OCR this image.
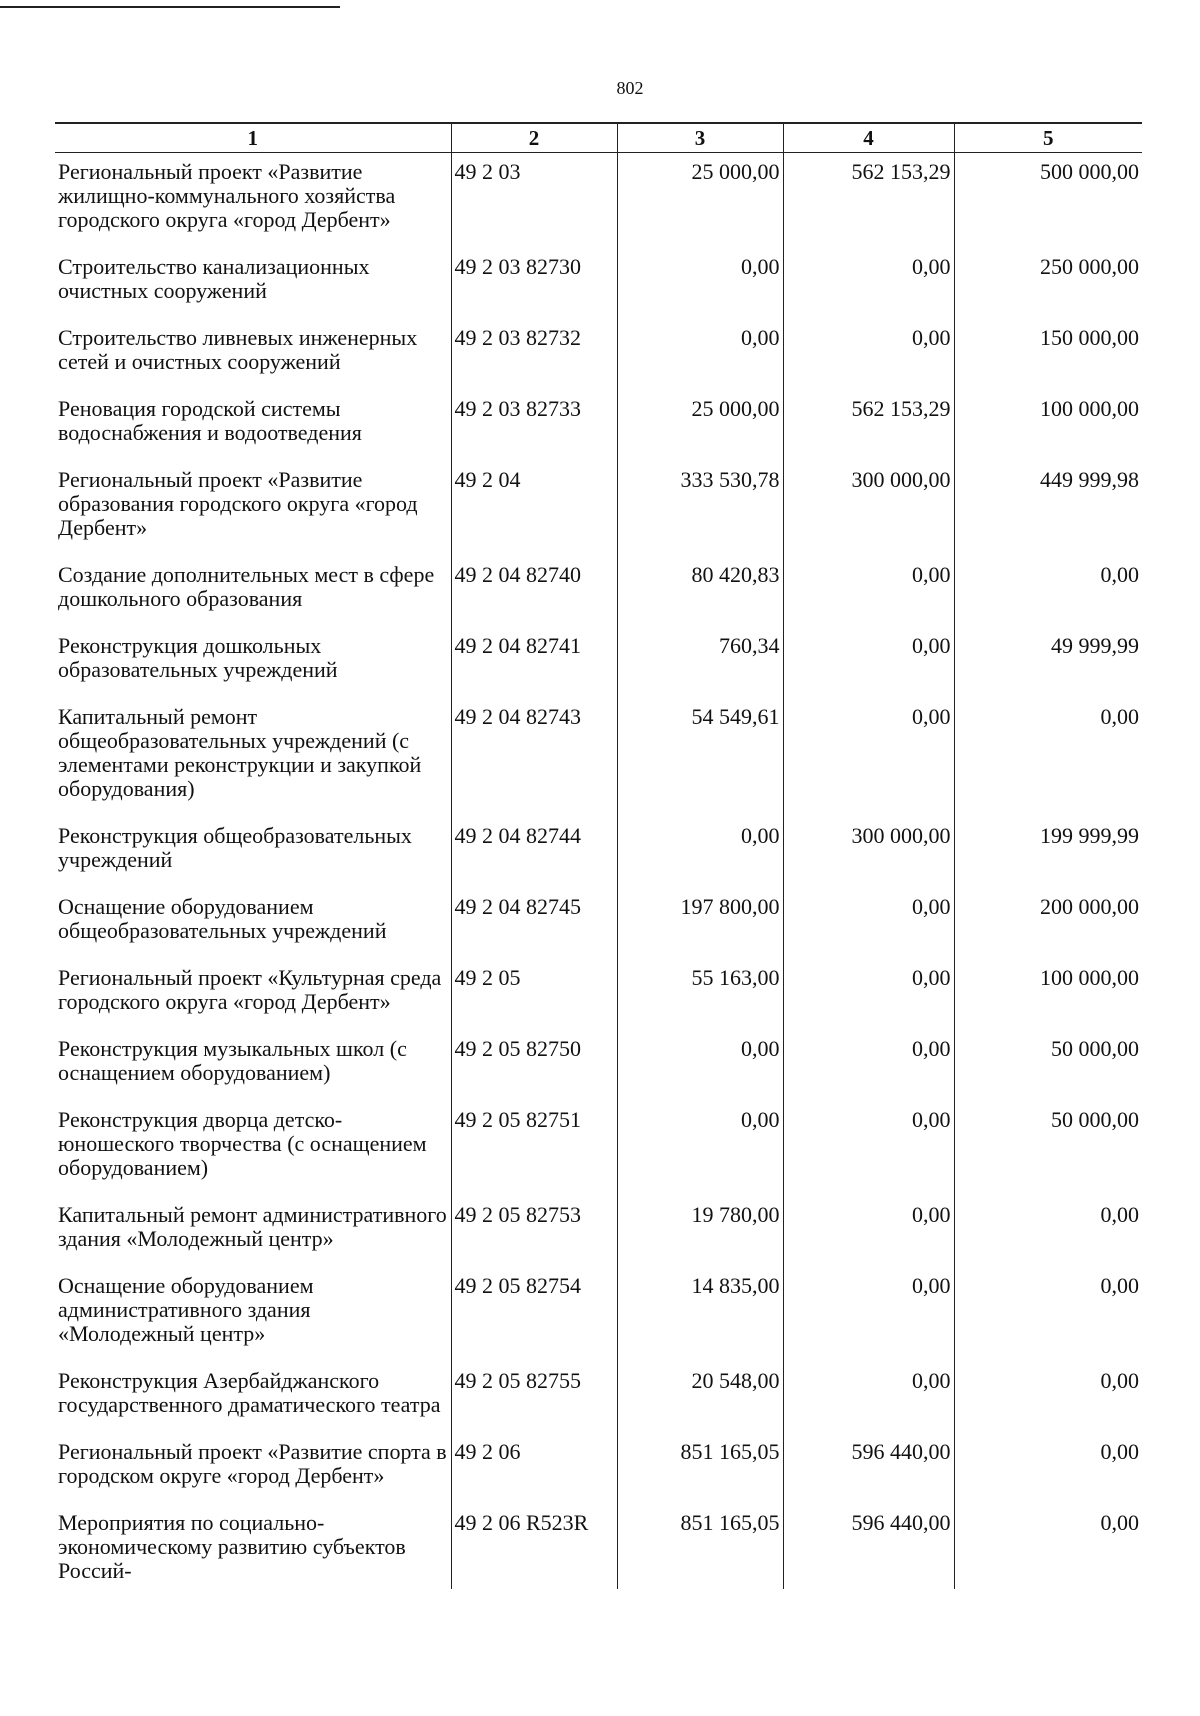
802
1	2	3	4	5
Региональный проект «Развитие жилищно-коммунального хозяйства городского округа «город Дербент»	49 2 03	25 000,00	562 153,29	500 000,00
Строительство канализационных очистных сооружений	49 2 03 82730	0,00	0,00	250 000,00
Строительство ливневых инженерных сетей и очистных сооружений	49 2 03 82732	0,00	0,00	150 000,00
Реновация городской системы водоснабжения и водоотведения	49 2 03 82733	25 000,00	562 153,29	100 000,00
Региональный проект «Развитие образования городского округа «город Дербент»	49 2 04	333 530,78	300 000,00	449 999,98
Создание дополнительных мест в сфере дошкольного образования	49 2 04 82740	80 420,83	0,00	0,00
Реконструкция дошкольных образовательных учреждений	49 2 04 82741	760,34	0,00	49 999,99
Капитальный ремонт общеобразовательных учреждений (с элементами реконструкции и закупкой оборудования)	49 2 04 82743	54 549,61	0,00	0,00
Реконструкция общеобразовательных учреждений	49 2 04 82744	0,00	300 000,00	199 999,99
Оснащение оборудованием общеобразовательных учреждений	49 2 04 82745	197 800,00	0,00	200 000,00
Региональный проект «Культурная среда городского округа «город Дербент»	49 2 05	55 163,00	0,00	100 000,00
Реконструкция музыкальных школ (с оснащением оборудованием)	49 2 05 82750	0,00	0,00	50 000,00
Реконструкция дворца детско-юношеского творчества (с оснащением оборудованием)	49 2 05 82751	0,00	0,00	50 000,00
Капитальный ремонт административного здания «Молодежный центр»	49 2 05 82753	19 780,00	0,00	0,00
Оснащение оборудованием административного здания «Молодежный центр»	49 2 05 82754	14 835,00	0,00	0,00
Реконструкция Азербайджанского государственного драматического театра	49 2 05 82755	20 548,00	0,00	0,00
Региональный проект «Развитие спорта в городском округе «город Дербент»	49 2 06	851 165,05	596 440,00	0,00
Мероприятия по социально-экономическому развитию субъектов Россий-	49 2 06 R523R	851 165,05	596 440,00	0,00
